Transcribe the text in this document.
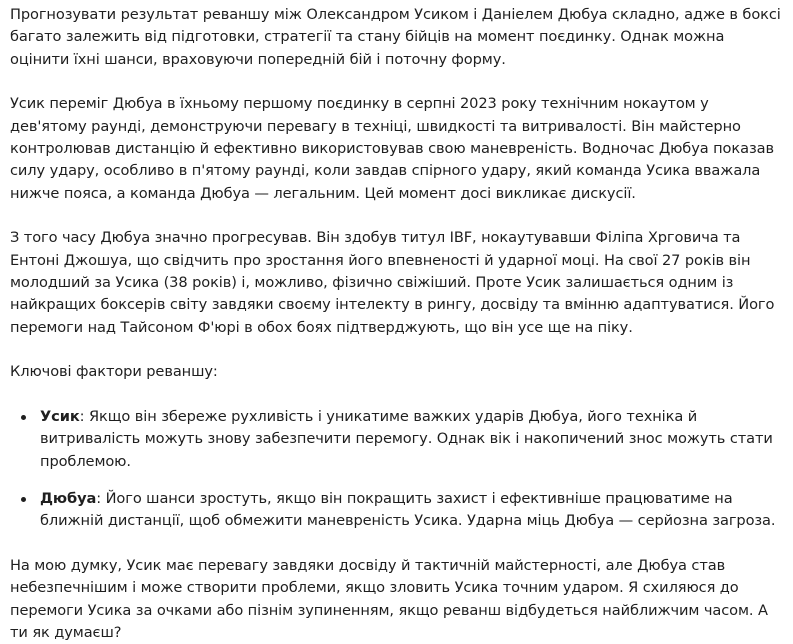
Прогнозувати результат реваншу між Олександром Усиком і Даніелем Дюбуа складно, адже в боксі багато залежить від підготовки, стратегії та стану бійців на момент поєдинку. Однак можна оцінити їхні шанси, враховуючи попередній бій і поточну форму.

Усик переміг Дюбуа в їхньому першому поєдинку в серпні 2023 року технічним нокаутом у дев'ятому раунді, демонструючи перевагу в техніці, швидкості та витривалості. Він майстерно контролював дистанцію й ефективно використовував свою маневреність. Водночас Дюбуа показав силу удару, особливо в п'ятому раунді, коли завдав спірного удару, який команда Усика вважала нижче пояса, а команда Дюбуа — легальним. Цей момент досі викликає дискусії.

З того часу Дюбуа значно прогресував. Він здобув титул IBF, нокаутувавши Філіпа Хрговича та Ентоні Джошуа, що свідчить про зростання його впевненості й ударної моці. На свої 27 років він молодший за Усика (38 років) і, можливо, фізично свіжіший. Проте Усик залишається одним із найкращих боксерів світу завдяки своєму інтелекту в рингу, досвіду та вмінню адаптуватися. Його перемоги над Тайсоном Ф'юрі в обох боях підтверджують, що він усе ще на піку.

Ключові фактори реваншу:

Усик: Якщо він збереже рухливість і уникатиме важких ударів Дюбуа, його техніка й витривалість можуть знову забезпечити перемогу. Однак вік і накопичений знос можуть стати проблемою.
Дюбуа: Його шанси зростуть, якщо він покращить захист і ефективніше працюватиме на ближній дистанції, щоб обмежити маневреність Усика. Ударна міць Дюбуа — серйозна загроза.

На мою думку, Усик має перевагу завдяки досвіду й тактичній майстерності, але Дюбуа став небезпечнішим і може створити проблеми, якщо зловить Усика точним ударом. Я схиляюся до перемоги Усика за очками або пізнім зупиненням, якщо реванш відбудеться найближчим часом. А ти як думаєш?
